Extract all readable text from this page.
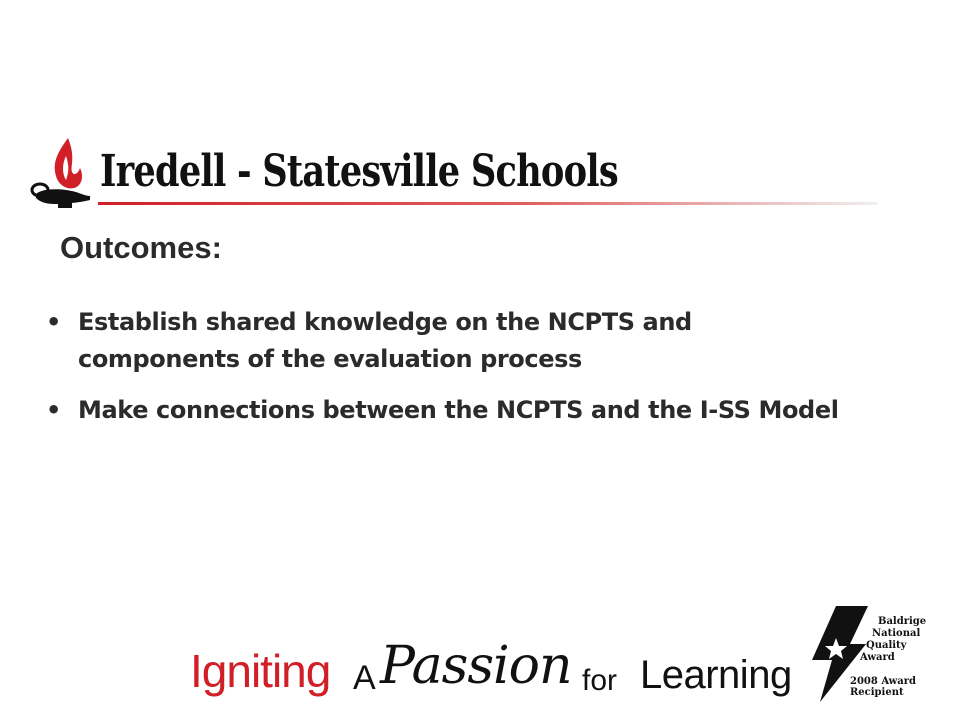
Iredell - Statesville Schools
Outcomes:
• Establish shared knowledge on the NCPTS and components of the evaluation process
• Make connections between the NCPTS and the I-SS Model
Igniting A Passion for Learning
Baldrige
National
Quality
Award
2008 Award
Recipient
